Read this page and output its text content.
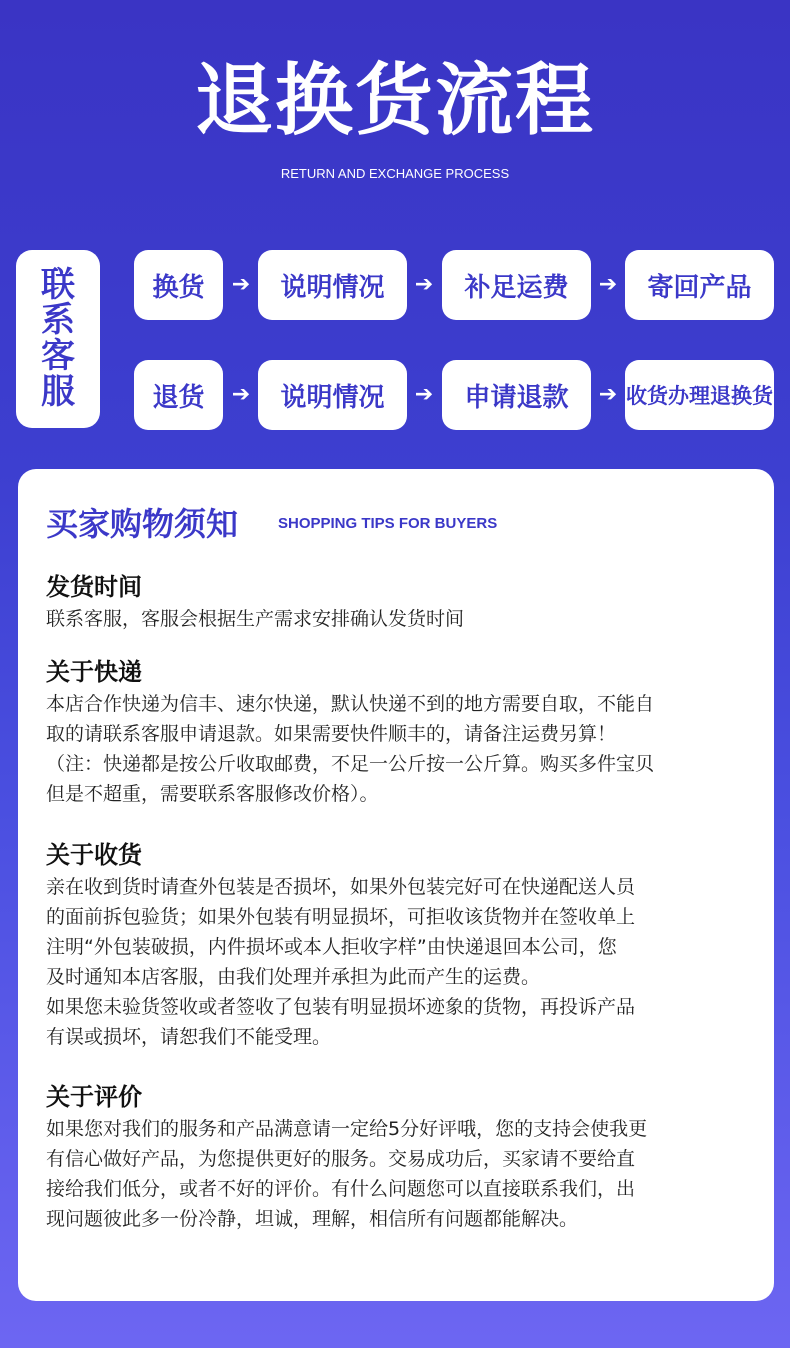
退换货流程
RETURN AND EXCHANGE PROCESS
联
系
客
服
换货	➔	说明情况	➔	补足运费	➔	寄回产品
退货	➔	说明情况	➔	申请退款	➔ 收货办理退换货
买家购物须知	SHOPPING TIPS FOR BUYERS
发货时间
联系客服，客服会根据生产需求安排确认发货时间
关于快递
本店合作快递为信丰、速尔快递，默认快递不到的地方需要自取，不能自
取的请联系客服申请退款。如果需要快件顺丰的，请备注运费另算！
（注：快递都是按公斤收取邮费，不足一公斤按一公斤算。购买多件宝贝
但是不超重，需要联系客服修改价格）。
关于收货
亲在收到货时请查外包装是否损坏，如果外包装完好可在快递配送人员
的面前拆包验货；如果外包装有明显损坏，可拒收该货物并在签收单上
注明“外包装破损，内件损坏或本人拒收字样”由快递退回本公司，您
及时通知本店客服，由我们处理并承担为此而产生的运费。
如果您未验货签收或者签收了包装有明显损坏迹象的货物，再投诉产品
有误或损坏，请恕我们不能受理。
关于评价
如果您对我们的服务和产品满意请一定给5分好评哦，您的支持会使我更
有信心做好产品，为您提供更好的服务。交易成功后，买家请不要给直
接给我们低分，或者不好的评价。有什么问题您可以直接联系我们，出
现问题彼此多一份冷静，坦诚，理解，相信所有问题都能解决。
